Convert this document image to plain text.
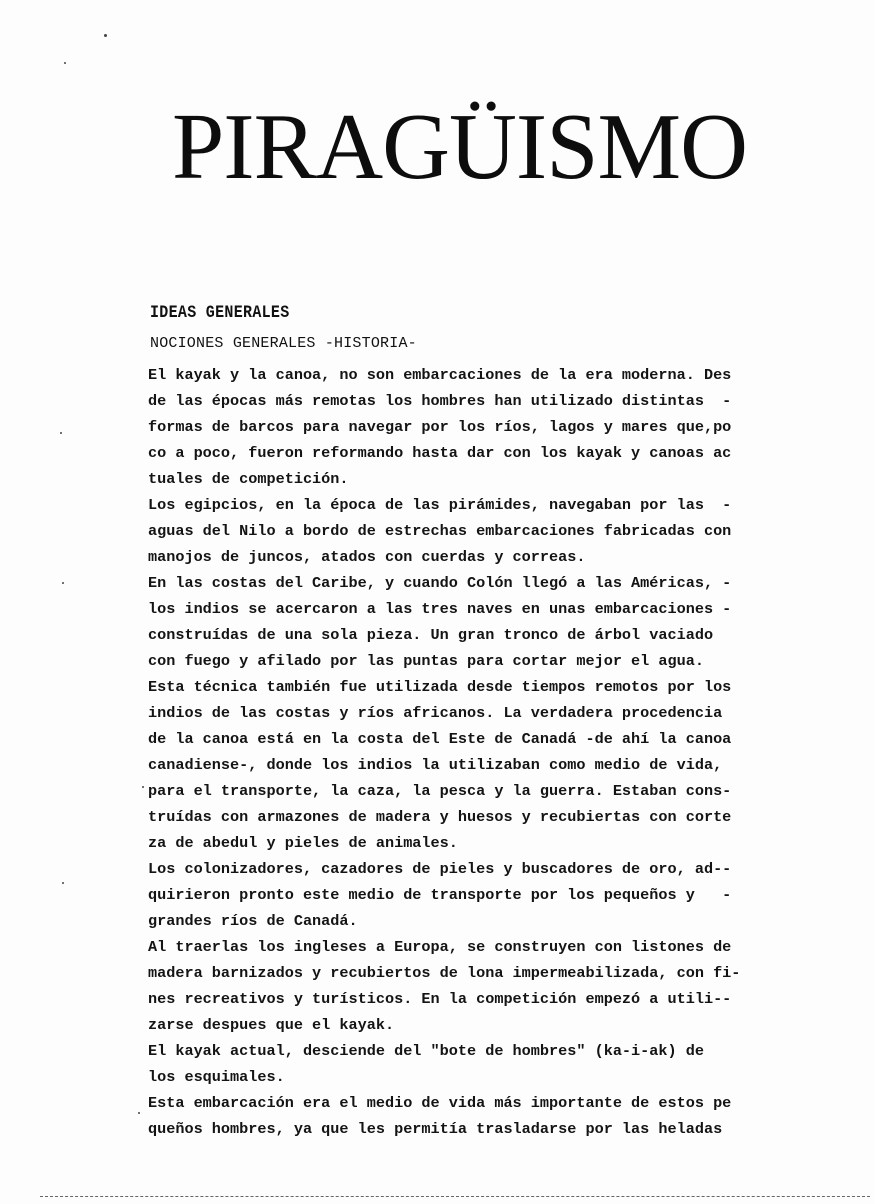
PIRAGÜISMO

IDEAS GENERALES

NOCIONES GENERALES -HISTORIA-

El kayak y la canoa, no son embarcaciones de la era moderna. Des
de las épocas más remotas los hombres han utilizado distintas  -
formas de barcos para navegar por los ríos, lagos y mares que,po
co a poco, fueron reformando hasta dar con los kayak y canoas ac
tuales de competición.
Los egipcios, en la época de las pirámides, navegaban por las  -
aguas del Nilo a bordo de estrechas embarcaciones fabricadas con
manojos de juncos, atados con cuerdas y correas.
En las costas del Caribe, y cuando Colón llegó a las Américas, -
los indios se acercaron a las tres naves en unas embarcaciones -
construídas de una sola pieza. Un gran tronco de árbol vaciado
con fuego y afilado por las puntas para cortar mejor el agua.
Esta técnica también fue utilizada desde tiempos remotos por los
indios de las costas y ríos africanos. La verdadera procedencia
de la canoa está en la costa del Este de Canadá -de ahí la canoa
canadiense-, donde los indios la utilizaban como medio de vida,
para el transporte, la caza, la pesca y la guerra. Estaban cons-
truídas con armazones de madera y huesos y recubiertas con corte
za de abedul y pieles de animales.
Los colonizadores, cazadores de pieles y buscadores de oro, ad--
quirieron pronto este medio de transporte por los pequeños y   -
grandes ríos de Canadá.
Al traerlas los ingleses a Europa, se construyen con listones de
madera barnizados y recubiertos de lona impermeabilizada, con fi-
nes recreativos y turísticos. En la competición empezó a utili--
zarse despues que el kayak.
El kayak actual, desciende del "bote de hombres" (ka-i-ak) de
los esquimales.
Esta embarcación era el medio de vida más importante de estos pe
queños hombres, ya que les permitía trasladarse por las heladas
